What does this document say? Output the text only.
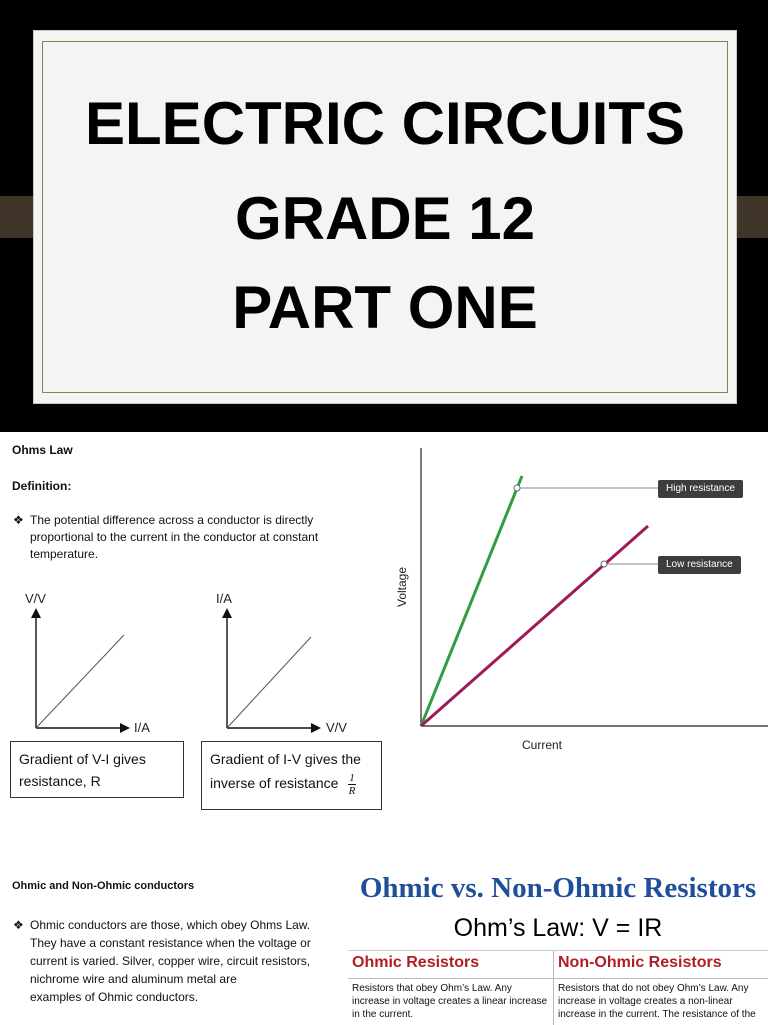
ELECTRIC CIRCUITS
GRADE 12
PART ONE
Ohms Law
Definition:
❖ The potential difference across a conductor is directly
proportional to the current in the conductor at constant
temperature.
V/V
I/A
I/A
V/V
Gradient of V-I gives
resistance, R
Gradient of I-V gives the
inverse of resistance $\frac{1}{R}$
Voltage
Current
High resistance
Low resistance
Ohmic and Non-Ohmic conductors
❖ Ohmic conductors are those, which obey Ohms Law.
They have a constant resistance when the voltage or
current is varied. Silver, copper wire, circuit resistors,
nichrome wire and aluminum metal are
examples of Ohmic conductors.
Ohmic vs. Non-Ohmic Resistors
Ohm’s Law: V = IR
Ohmic Resistors
Resistors that obey Ohm’s Law. Any increase in voltage creates a linear increase in the current.
Non-Ohmic Resistors
Resistors that do not obey Ohm’s Law. Any increase in voltage creates a non-linear increase in the current. The resistance of the
